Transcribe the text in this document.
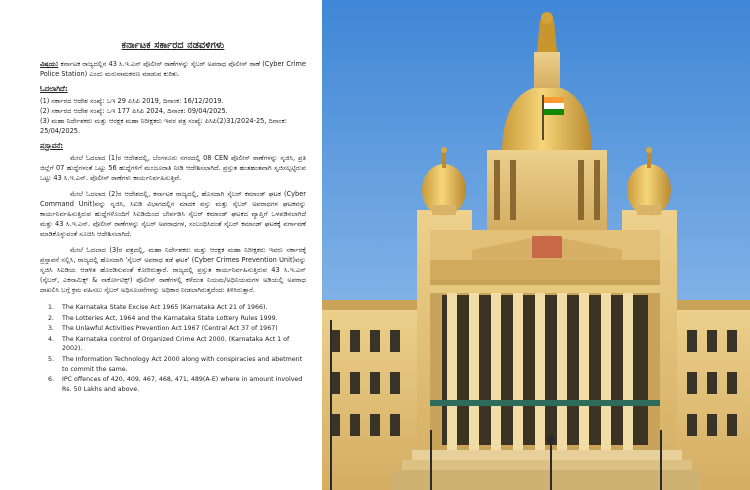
ಕರ್ನಾಟಕ ಸರ್ಕಾರದ ನಡವಳಿಗಳು
ವಿಷಯ: ಕರ್ನಾಟಕ ರಾಜ್ಯದಲ್ಲಿನ 43 ಸಿ.ಇ.ಎನ್ ಪೊಲೀಸ್ ಠಾಣೆಗಳನ್ನು ಸೈಬರ್ ಅಪರಾಧ ಪೊಲೀಸ್ ಠಾಣೆ (Cyber Crime Police Station) ಎಂದು ಮರುನಾಮಕರಣ ಮಾಡುವ ಕುರಿತು.
ಓದಲಾಗಿದೆ:
(1) ಸರ್ಕಾರದ ಆದೇಶ ಸಂಖ್ಯೆ: ಒಇ 29 ಪಿಸಿಪಿ 2019, ದಿನಾಂಕ: 16/12/2019.
(2) ಸರ್ಕಾರದ ಆದೇಶ ಸಂಖ್ಯೆ: ಒಇ 177 ಪಿಸಿಪಿ 2024, ದಿನಾಂಕ: 09/04/2025.
(3) ಮಹಾ ನಿರ್ದೇಶಕರು ಮತ್ತು ಆರಕ್ಷಕ ಮಹಾ ನಿರೀಕ್ಷಕರು ಇವರ ಪತ್ರ ಸಂಖ್ಯೆ: ಪಿಸಿಪಿ(2)31/2024-25, ದಿನಾಂಕ: 25/04/2025.
ಪ್ರಸ್ತಾವನೆ:
ಮೇಲೆ ಓದಲಾದ (1)ರ ಆದೇಶದಲ್ಲಿ, ಬೆಂಗಳೂರು ನಗರದಲ್ಲಿ 08 CEN ಪೊಲೀಸ್ ಠಾಣೆಗಳನ್ನು ಸೃಜಿಸಿ, ಪ್ರತಿ ಜಿಲ್ಲೆಗೆ 07 ಹುದ್ದೆಗಳಂತೆ ಒಟ್ಟು 56 ಹುದ್ದೆಗಳಿಗೆ ಮಂಜೂರಾತಿ ನೀಡಿ ಆದೇಶಿಸಲಾಗಿದೆ. ಪ್ರಸ್ತುತ ಹಂತಹಂತವಾಗಿ ಸೃಜಿಸಲ್ಪಟ್ಟಿರುವ ಒಟ್ಟು 43 ಸಿ.ಇ.ಎನ್. ಪೊಲೀಸ್ ಠಾಣೆಗಳು ಕಾರ್ಯನಿರ್ವಹಿಸುತ್ತಿವೆ.
ಮೇಲೆ ಓದಲಾದ (2)ರ ಆದೇಶದಲ್ಲಿ, ಕರ್ನಾಟಕ ರಾಜ್ಯದಲ್ಲಿ, ಹೊಸದಾಗಿ ಸೈಬರ್ ಕಮಾಂಡ್ ಘಟಕ (Cyber Command Unit)ವನ್ನು ಸೃಜಿಸಿ, ಸಿಐಡಿ ವಿಭಾಗದಲ್ಲಿನ ಮಾದಕ ವಸ್ತು ಮತ್ತು ಸೈಬರ್ ಅಪರಾಧಗಳ ಘಟಕವನ್ನು ಕಾರ್ಯನಿರ್ವಹಿಸುತ್ತಿರುವ ಹುದ್ದೆಗಳೊಂದಿಗೆ ಸಿಐಡಿಯಿಂದ ಬೇರ್ಪಡಿಸಿ ಸೈಬರ್ ಕಮಾಂಡ್ ಘಟಕದ ವ್ಯಾಪ್ತಿಗೆ ಒಳಪಡಿಸಲಾಗಿದೆ ಮತ್ತು 43 ಸಿ.ಇ.ಎನ್. ಪೊಲೀಸ್ ಠಾಣೆಗಳನ್ನು ಸೈಬರ್ ಅಪರಾಧಗಳ, ಸಂಬಂಧಿಸಿದಂತೆ ಸೈಬರ್ ಕಮಾಂಡ್ ಘಟಕಕ್ಕೆ ವರ್ಗಾವಣೆ ಮಾಡಿಕೊಳ್ಳುವಂತೆ ಸೂಚಿಸಿ ಆದೇಶಿಸಲಾಗಿದೆ.
ಮೇಲೆ ಓದಲಾದ (3)ರ ಪತ್ರದಲ್ಲಿ, ಮಹಾ ನಿರ್ದೇಶಕರು ಮತ್ತು ಆರಕ್ಷಕ ಮಹಾ ನಿರೀಕ್ಷಕರು ಇವರು ಸರ್ಕಾರಕ್ಕೆ ಪ್ರಸ್ತಾವನೆ ಸಲ್ಲಿಸಿ, ರಾಜ್ಯದಲ್ಲಿ ಹೊಸದಾಗಿ 'ಸೈಬರ್ ಅಪರಾಧ ತಡೆ ಘಟಕ' (Cyber Crimes Prevention Unit)ವನ್ನು ಸೃಜಿಸಿ ಸಿಐಡಿಯ ಆಡಳಿತ ಹೊರಡಿಸುವಂತೆ ಕೋರಿರುತ್ತಾರೆ. ರಾಜ್ಯದಲ್ಲಿ ಪ್ರಸ್ತುತ ಕಾರ್ಯನಿರ್ವಹಿಸುತ್ತಿರುವ 43 ಸಿ.ಇ.ಎನ್ (ಸೈಬರ್, ಎಕನಾಮಿಕ್ಸ್ & ನಾರ್ಕೋಟಿಕ್ಸ್) ಪೊಲೀಸ್ ಠಾಣೆಗಳಲ್ಲಿ ಕಳೆದಂತ ನಿಯಮ/ಅಧಿನಿಯಮಗಳ ಅಡಿಯಲ್ಲಿ ಅಪರಾಧ ದಾಖಲಿಸಿ ಬಗ್ಗೆ ಕ್ರಮ ವಹಿಸಲು ಸೈಬರ್ ಅಧಿಸೂಚನೆಗಳನ್ನು ಅಧಿಕಾರ ನೀಡಲಾಗಿರುತ್ತದೆಂದು ತಿಳಿಸಿರುತ್ತಾರೆ.
1.	The Karnataka State Excise Act 1965 (Karnataka Act 21 of 1966).
2.	The Lotteries Act, 1964 and the Karnataka State Lottery Rules 1999.
3.	The Unlawful Activities Prevention Act 1967 (Central Act 37 of 1967)
4.	The Karnataka control of Organized Crime Act 2000. (Karnataka Act 1 of 2002).
5.	The Information Technology Act 2000 along with conspiracies and abetment to commit the same.
6.	IPC offences of 420, 409, 467, 468, 471, 489(A-E) where in amount involved Rs. 50 Lakhs and above.
